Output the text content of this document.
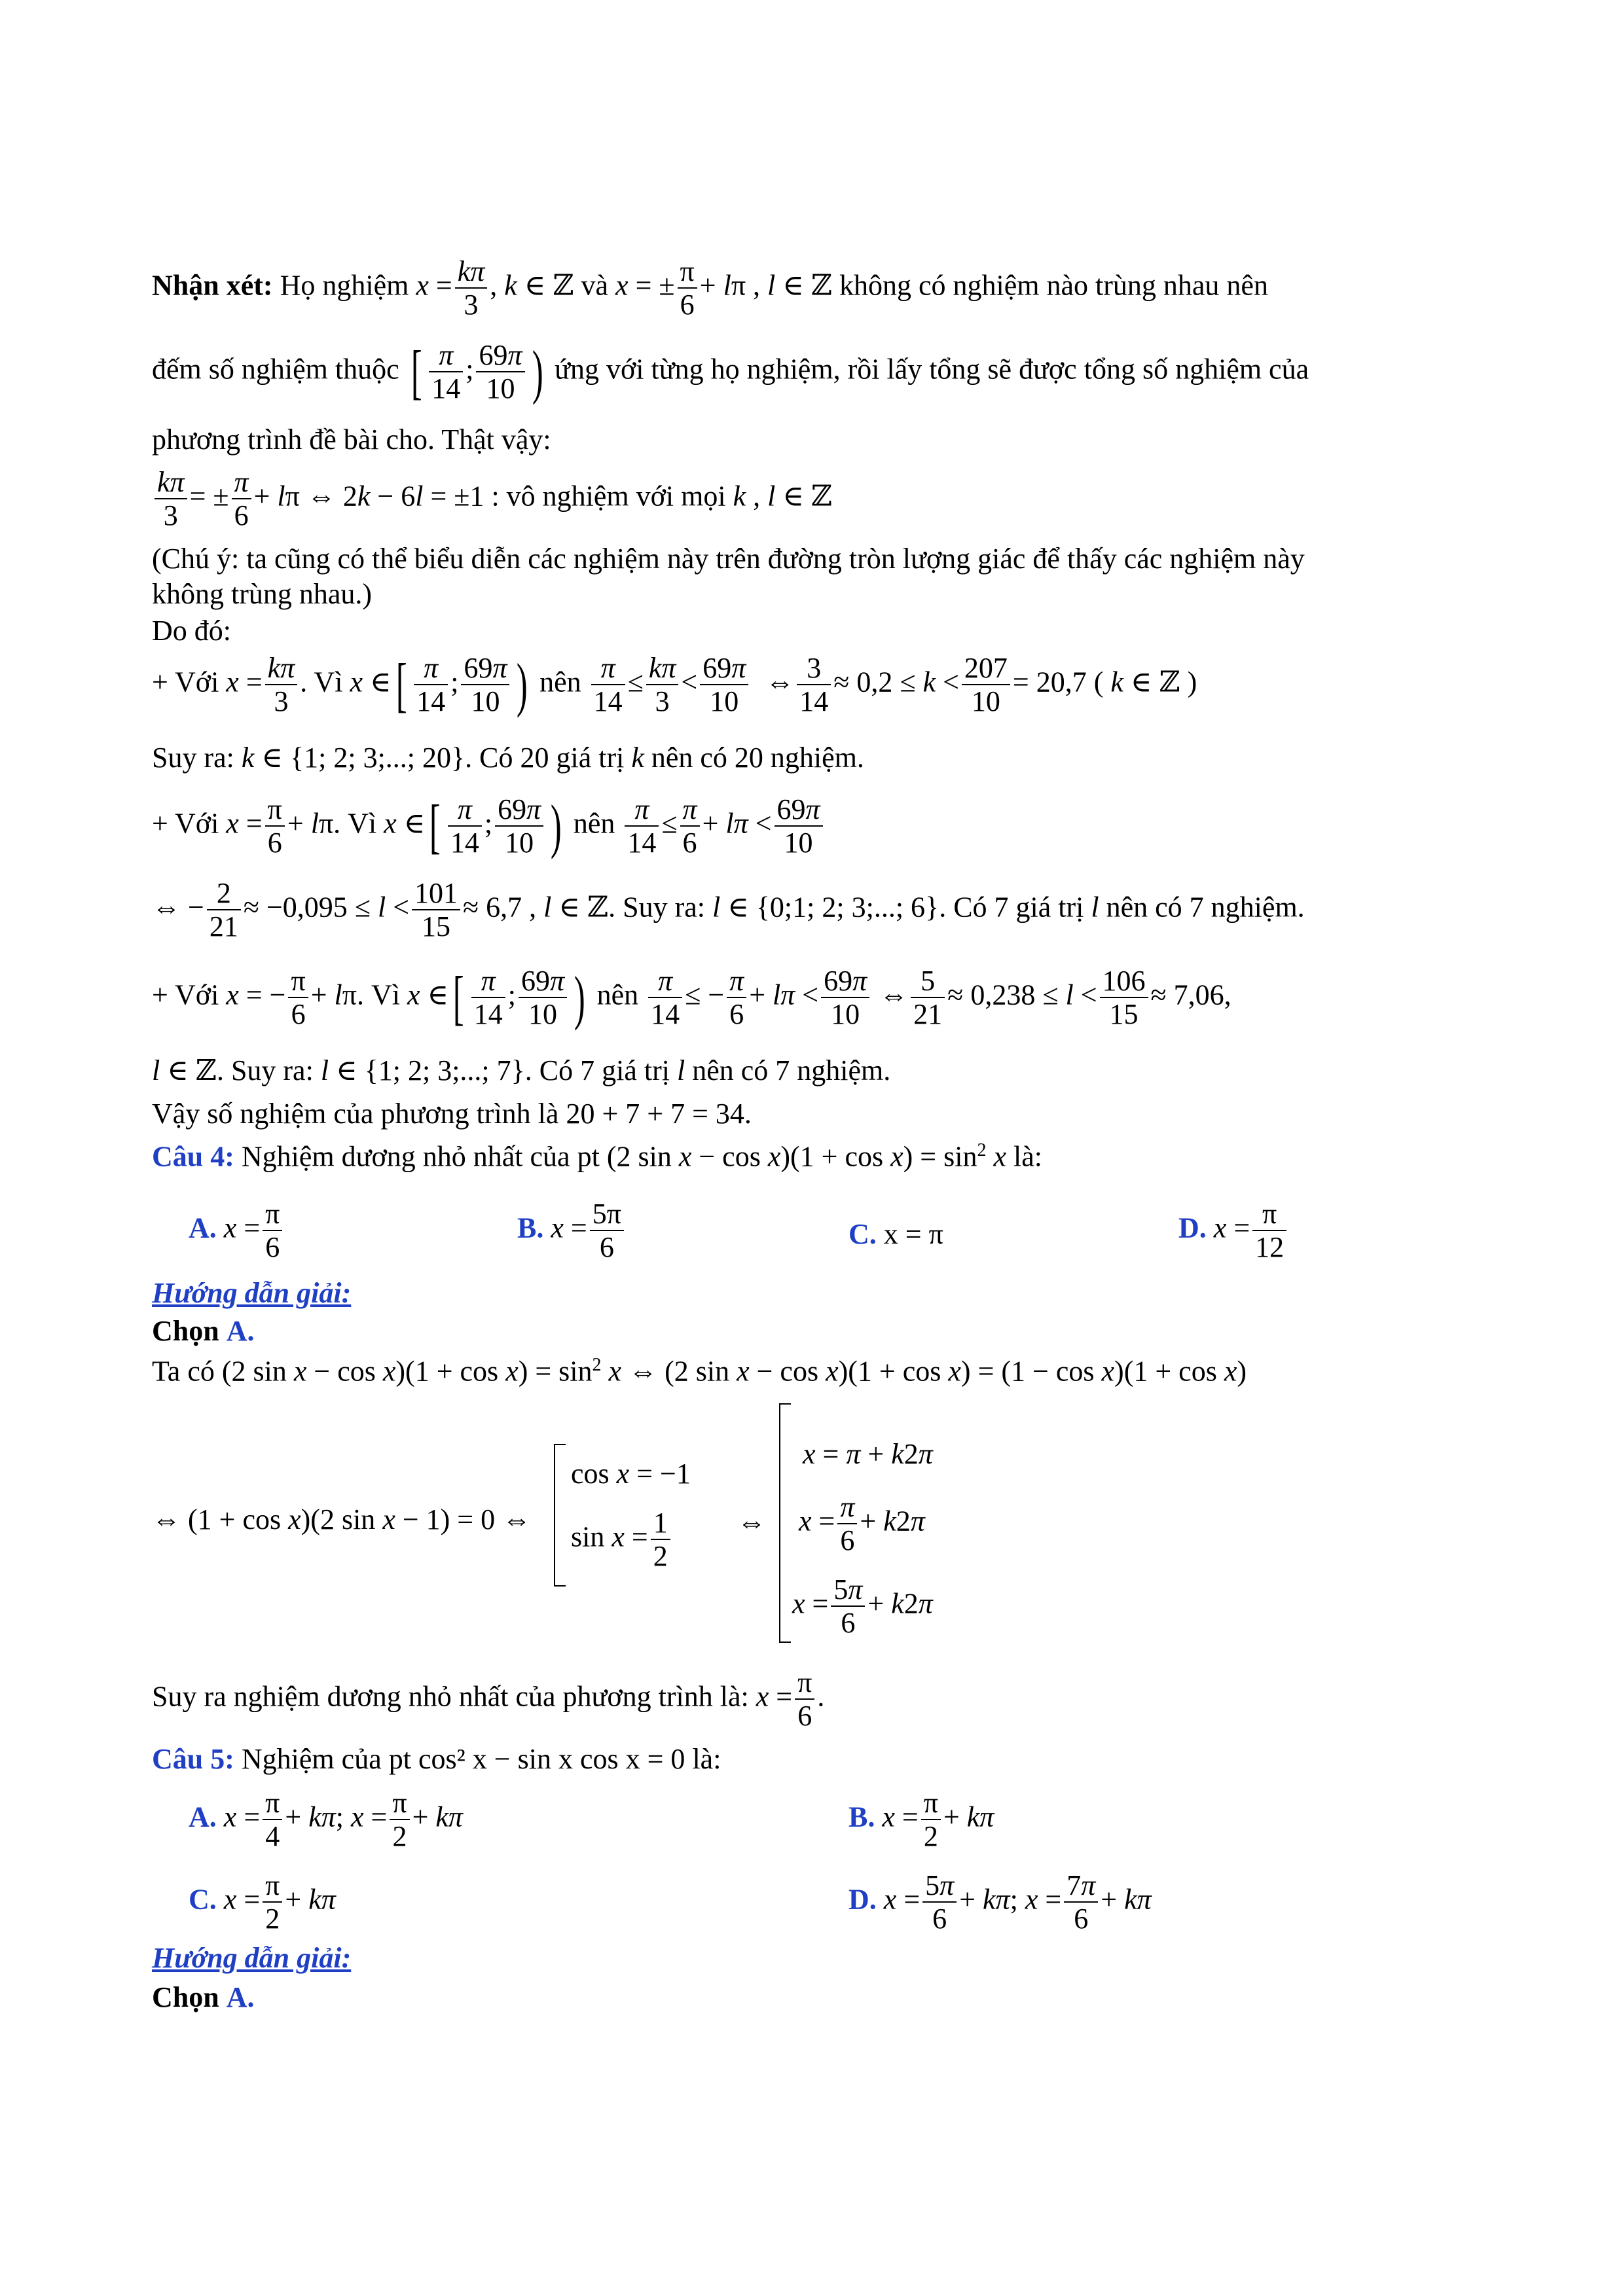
Nhận xét: Họ nghiệm $x = \frac{k\pi}{3}$ , k ∈ ℤ và x = ± $\frac{\pi}{6} + l\pi$ , l ∈ ℤ không có nghiệm nào trùng nhau nên
đếm số nghiệm thuộc [ $\frac{\pi}{14}$ ; $\frac{69\pi}{10}$ ) ứng với từng họ nghiệm, rồi lấy tổng sẽ được tổng số nghiệm của
phương trình đề bài cho. Thật vậy:
$\frac{k\pi}{3}$ = ± $\frac{\pi}{6} + l\pi$ ⇔ 2k − 6l = ±1 : vô nghiệm với mọi k , l ∈ ℤ
(Chú ý: ta cũng có thể biểu diễn các nghiệm này trên đường tròn lượng giác để thấy các nghiệm này
không trùng nhau.)
Do đó:
+ Với $x = \frac{k\pi}{3}$ . Vì x ∈[ $\frac{\pi}{14}$ ; $\frac{69\pi}{10}$ ) nên $\frac{\pi}{14} \le \frac{k\pi}{3} < \frac{69\pi}{10}$ ⇔ $\frac{3}{14} \approx 0,2 \le k < \frac{207}{10} = 20,7$ ( k ∈ ℤ )
Suy ra: k ∈ {1; 2; 3;...; 20}. Có 20 giá trị k nên có 20 nghiệm.
+ Với $x = \frac{\pi}{6} + l\pi$. Vì x ∈[ $\frac{\pi}{14}$ ; $\frac{69\pi}{10}$ ) nên $\frac{\pi}{14} \le \frac{\pi}{6} + l\pi < \frac{69\pi}{10}$
⇔ − $\frac{2}{21} \approx -0,095 \le l < \frac{101}{15} \approx 6,7$ , l ∈ ℤ. Suy ra: l ∈ {0;1; 2; 3;...; 6}. Có 7 giá trị l nên có 7 nghiệm.
+ Với x = − $\frac{\pi}{6} + l\pi$. Vì x ∈[ $\frac{\pi}{14}$ ; $\frac{69\pi}{10}$ ) nên $\frac{\pi}{14}$ ≤ − $\frac{\pi}{6} + l\pi < \frac{69\pi}{10}$ ⇔ $\frac{5}{21} \approx 0,238 \le l < \frac{106}{15} \approx 7,06$,
l ∈ ℤ. Suy ra: l ∈ {1; 2; 3;...; 7}. Có 7 giá trị l nên có 7 nghiệm.
Vậy số nghiệm của phương trình là 20 + 7 + 7 = 34.
Câu 4: Nghiệm dương nhỏ nhất của pt (2 $\sin x - \cos x)(1 + \cos x) = \sin^2 x$ là:
A. $x = \frac{\pi}{6}$	B. $x = \frac{5\pi}{6}$	C. x = π	D. $x = \frac{\pi}{12}$
Hướng dẫn giải:
Chọn A.
Ta có (2 $\sin x - \cos x)(1 + \cos x) = \sin^2 x$ ⇔ (2 sin x − cos x)(1 + cos x) = (1 − cos x)(1 + cos x)
⇔ (1 + cos x)(2 sin x − 1) = 0 ⇔
cos x = −1
$\sin x = \frac{1}{2}$ ⇔
x = π + k2π
$x = \frac{\pi}{6} + k2\pi$
$x = \frac{5\pi}{6} + k2\pi$
Suy ra nghiệm dương nhỏ nhất của phương trình là: $x = \frac{\pi}{6}$ .
Câu 5: Nghiệm của pt cos² x − sin x cos x = 0 là:
A. $x = \frac{\pi}{4} + k\pi$; $x = \frac{\pi}{2} + k\pi$	B. $x = \frac{\pi}{2} + k\pi$
C. $x = \frac{\pi}{2} + k\pi$	D. $x = \frac{5\pi}{6} + k\pi$; $x = \frac{7\pi}{6} + k\pi$
Hướng dẫn giải:
Chọn A.
